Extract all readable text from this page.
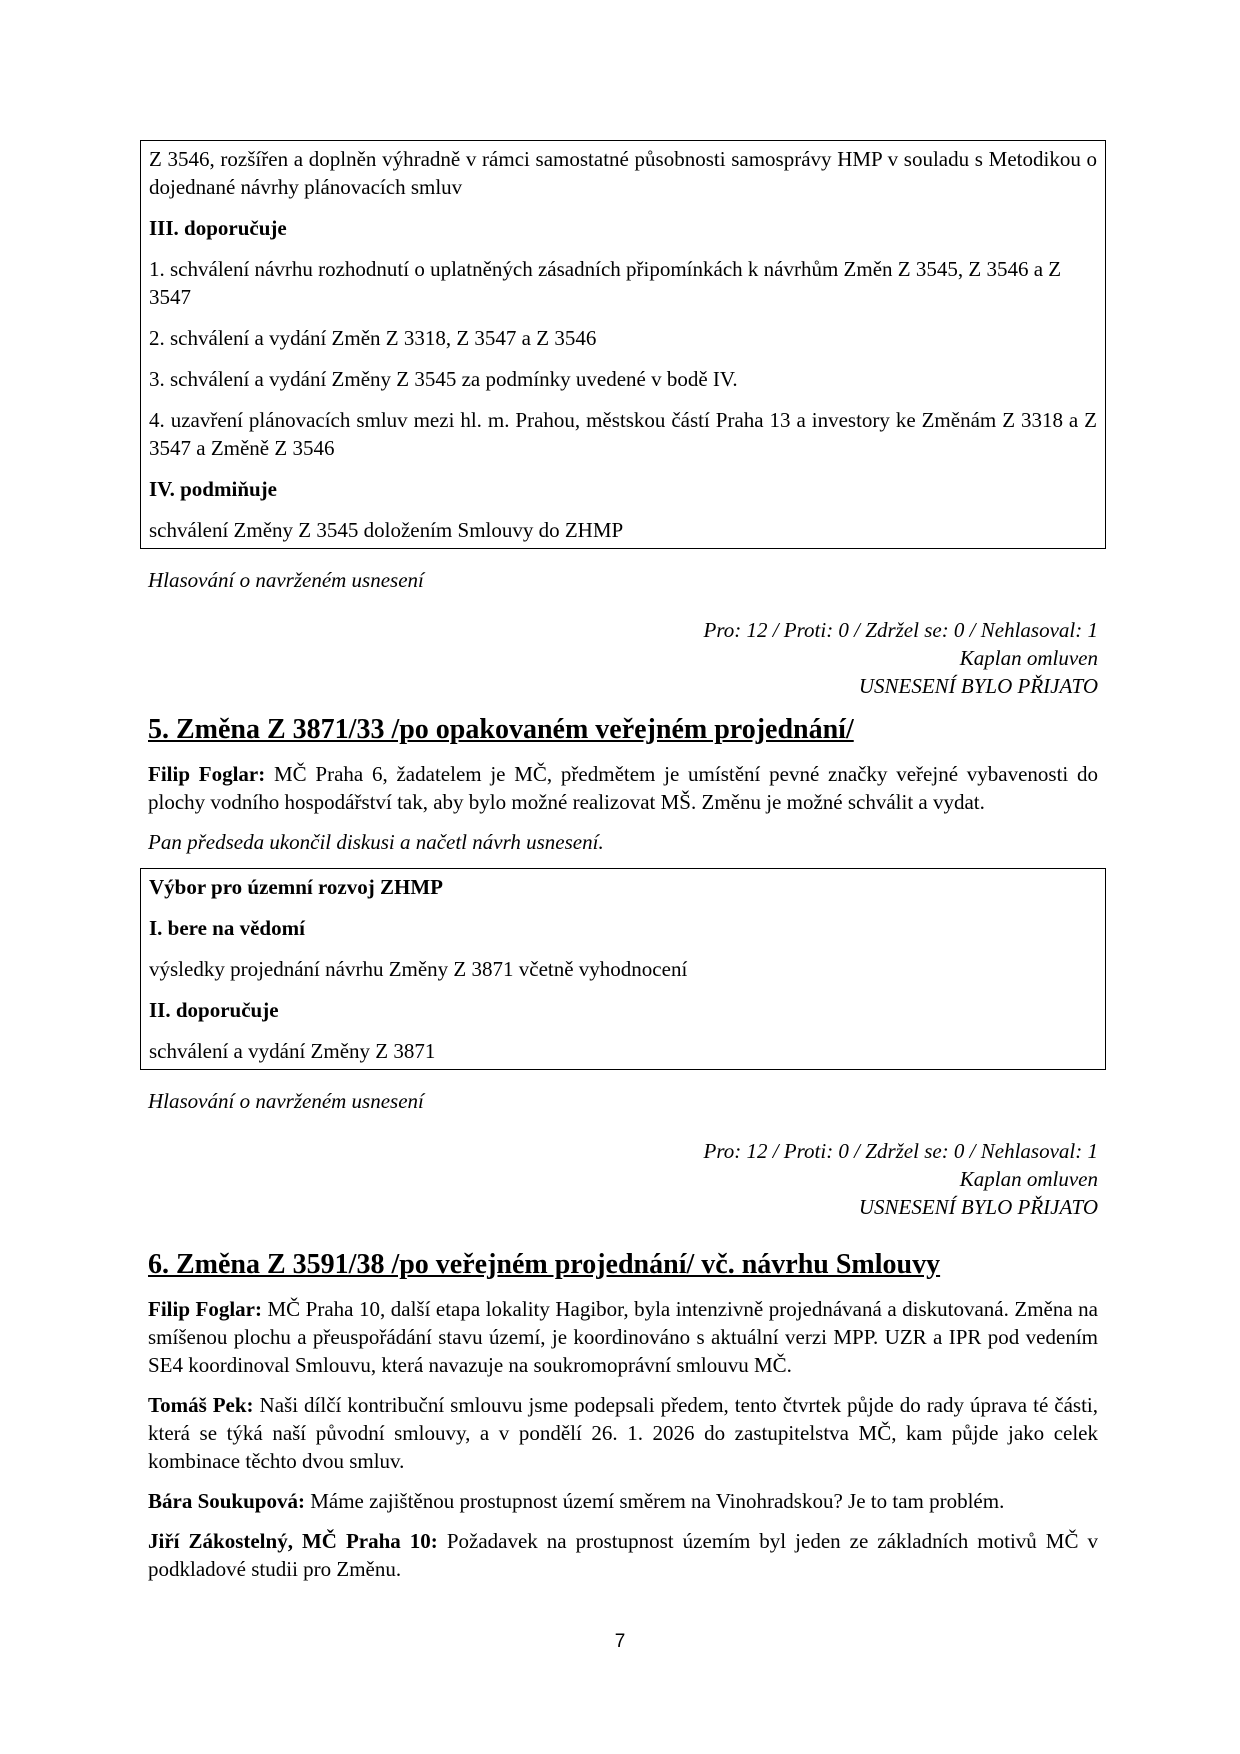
Z 3546, rozšířen a doplněn výhradně v rámci samostatné působnosti samosprávy HMP v souladu s Metodikou o dojednané návrhy plánovacích smluv

III. doporučuje

1. schválení návrhu rozhodnutí o uplatněných zásadních připomínkách k návrhům Změn Z 3545, Z 3546 a Z 3547

2. schválení a vydání Změn Z 3318, Z 3547 a Z 3546

3. schválení a vydání Změny Z 3545 za podmínky uvedené v bodě IV.

4. uzavření plánovacích smluv mezi hl. m. Prahou, městskou částí Praha 13 a investory ke Změnám Z 3318 a Z 3547 a Změně Z 3546

IV. podmiňuje

schválení Změny Z 3545 doložením Smlouvy do ZHMP

Hlasování o navrženém usnesení

Pro: 12 / Proti: 0 / Zdržel se: 0 / Nehlasoval: 1

Kaplan omluven

USNESENÍ BYLO PŘIJATO

5. Změna Z 3871/33 /po opakovaném veřejném projednání/

Filip Foglar: MČ Praha 6, žadatelem je MČ, předmětem je umístění pevné značky veřejné vybavenosti do plochy vodního hospodářství tak, aby bylo možné realizovat MŠ. Změnu je možné schválit a vydat.

Pan předseda ukončil diskusi a načetl návrh usnesení.

Výbor pro územní rozvoj ZHMP

I. bere na vědomí

výsledky projednání návrhu Změny Z 3871 včetně vyhodnocení

II. doporučuje

schválení a vydání Změny Z 3871

Hlasování o navrženém usnesení

Pro: 12 / Proti: 0 / Zdržel se: 0 / Nehlasoval: 1

Kaplan omluven

USNESENÍ BYLO PŘIJATO

6. Změna Z 3591/38 /po veřejném projednání/ vč. návrhu Smlouvy

Filip Foglar: MČ Praha 10, další etapa lokality Hagibor, byla intenzivně projednávaná a diskutovaná. Změna na smíšenou plochu a přeuspořádání stavu území, je koordinováno s aktuální verzi MPP. UZR a IPR pod vedením SE4 koordinoval Smlouvu, která navazuje na soukromoprávní smlouvu MČ.

Tomáš Pek: Naši dílčí kontribuční smlouvu jsme podepsali předem, tento čtvrtek půjde do rady úprava té části, která se týká naší původní smlouvy, a v pondělí 26. 1. 2026 do zastupitelstva MČ, kam půjde jako celek kombinace těchto dvou smluv.

Bára Soukupová: Máme zajištěnou prostupnost území směrem na Vinohradskou? Je to tam problém.

Jiří Zákostelný, MČ Praha 10: Požadavek na prostupnost územím byl jeden ze základních motivů MČ v podkladové studii pro Změnu.

7
